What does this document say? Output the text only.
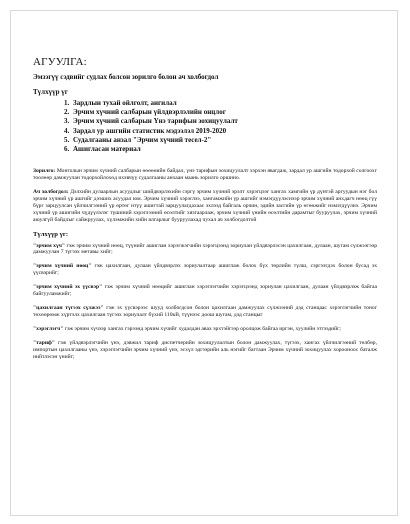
АГУУЛГА:
Эмзэгүү сэдвийг судлах болсон зорилго болон ач холбогдол
Түлхүүр үг
1. Зардлын тухай ойлголт, ангилал
2. Эрчим хүчний салбарын үйлдвэрлэлийн онцлог
3. Эрчим хүчний салбарын Үнэ тарифын зохицуулалт
4. Зардал ур ашгийн статистик мэдээлэл 2019-2020
5. Судалгааны анзал "Эрчим хүчний тесел-2"
6. Ашигласан материал

Зорилго: Монголын эрчим хүчний салбарын өөөөөийн байдал, үнэ тарифын зохицуулалт хэрхэн явагдаж, зардал ур ашгийн тодорхой солгоохг тоолөөр дамжуулан тодорхойлохөд ихэвчүү судалгааны анхаан маань зорилго оршино.

Ач холбогдол: Дэлхийн дулаарлын асуудлыг шийдвэрлэхийн сэргү эрчим хүчний эрэлт хэрэгцээг хангах хамгийн үр дүнтэй аргуудын нэг бол эрчим хүчний үр ашгийг дээших асуудал юм. Эрчим хүчний хэрэглээ, хангамжийн үр ашгийг нэмэгдүүлэснээр эрчим хүчний анхдагч нөөц гүү бүрг зарцуулсан үйлчилгээний үр өртөг нтүү ашигтай зарцуулагдахаас эхлээд байгаль орчин, эдийн засгийн үр өгөөжийг нэмэгдүүлнэ. Эрчим хүчний үр ашигийн чүдүүлэлэг түшиний хэрэглээний өсөлтийг хязгаарлаж, эрчим хүчний үнийн өсөлтийн дарамтыг бууруулах, эрчим хүчний аюулгүй байдлыг сайжруулах, хүлэмжийн хийн ялгарлыг бууруулахад чухал ач холбогдолтой

Түлхүүр үг:

"эрчим хүч" гэж эрчим хүчний нөөц, түүнийг ашиглан хэрэгжэгчийн хэрэгцээнд зориулан үйлдвэрлэсэн цахилгаан, дулаан, шугам сүлжээгээр дамжуулан 7 түгээх метавы хийг;

"эрчим хүчний нөөц" гэж цахилгаан, дулаан үйлдвэрлэх зориулалтаар ашиглаж болох бүх төрлийн түлш, сэргээгдэх болон бусад эх үүсвэрийг;

"эрчим хүчний эх үүсвэр" гэж эрчим хүчний нөөцийг ашиглан хэрэглэгчийн хэрэгцээнд зориулан цахилгаан, дулаан үйлдвэрлэж байгаа байгууламжийг;

"цахилгаан түгээх сүлжээ" гэж эх үүсвэрээс шууд холбогдсон болон цахилгаан дамжуулах сүлжээний дэд станцаас хэрэглэгчийн тоног төхөөрөмж хүртэлх цахилгаан түгээх зориулалт бүхий 110кВ, түүнээс доош шугам, дэд станцыг

"хэрэглэгч" гэж эрчим хүчээр хангах гэрээнд эрчим хүчийг худалдан авах эрхтэйгээр оролцож байгаа иргэн, хуулийн этгээдийг;

"тариф" гэж үйлдвэрлэгчийн үнэ, дэвжил тариф диспетчерийн зохицуулалтын болон дамжуулах, түгээх, хангах үйлчилгээний төлбөр, импортын цахилгааны үнэ, хэрэглэгчийн эрчим хүчний үнэ, эсхүл эдгээрийн аль нэгийг багтаан Эрчим хүчний зохицуулах хорооноос баталж нийтлэсэн үнийг;
